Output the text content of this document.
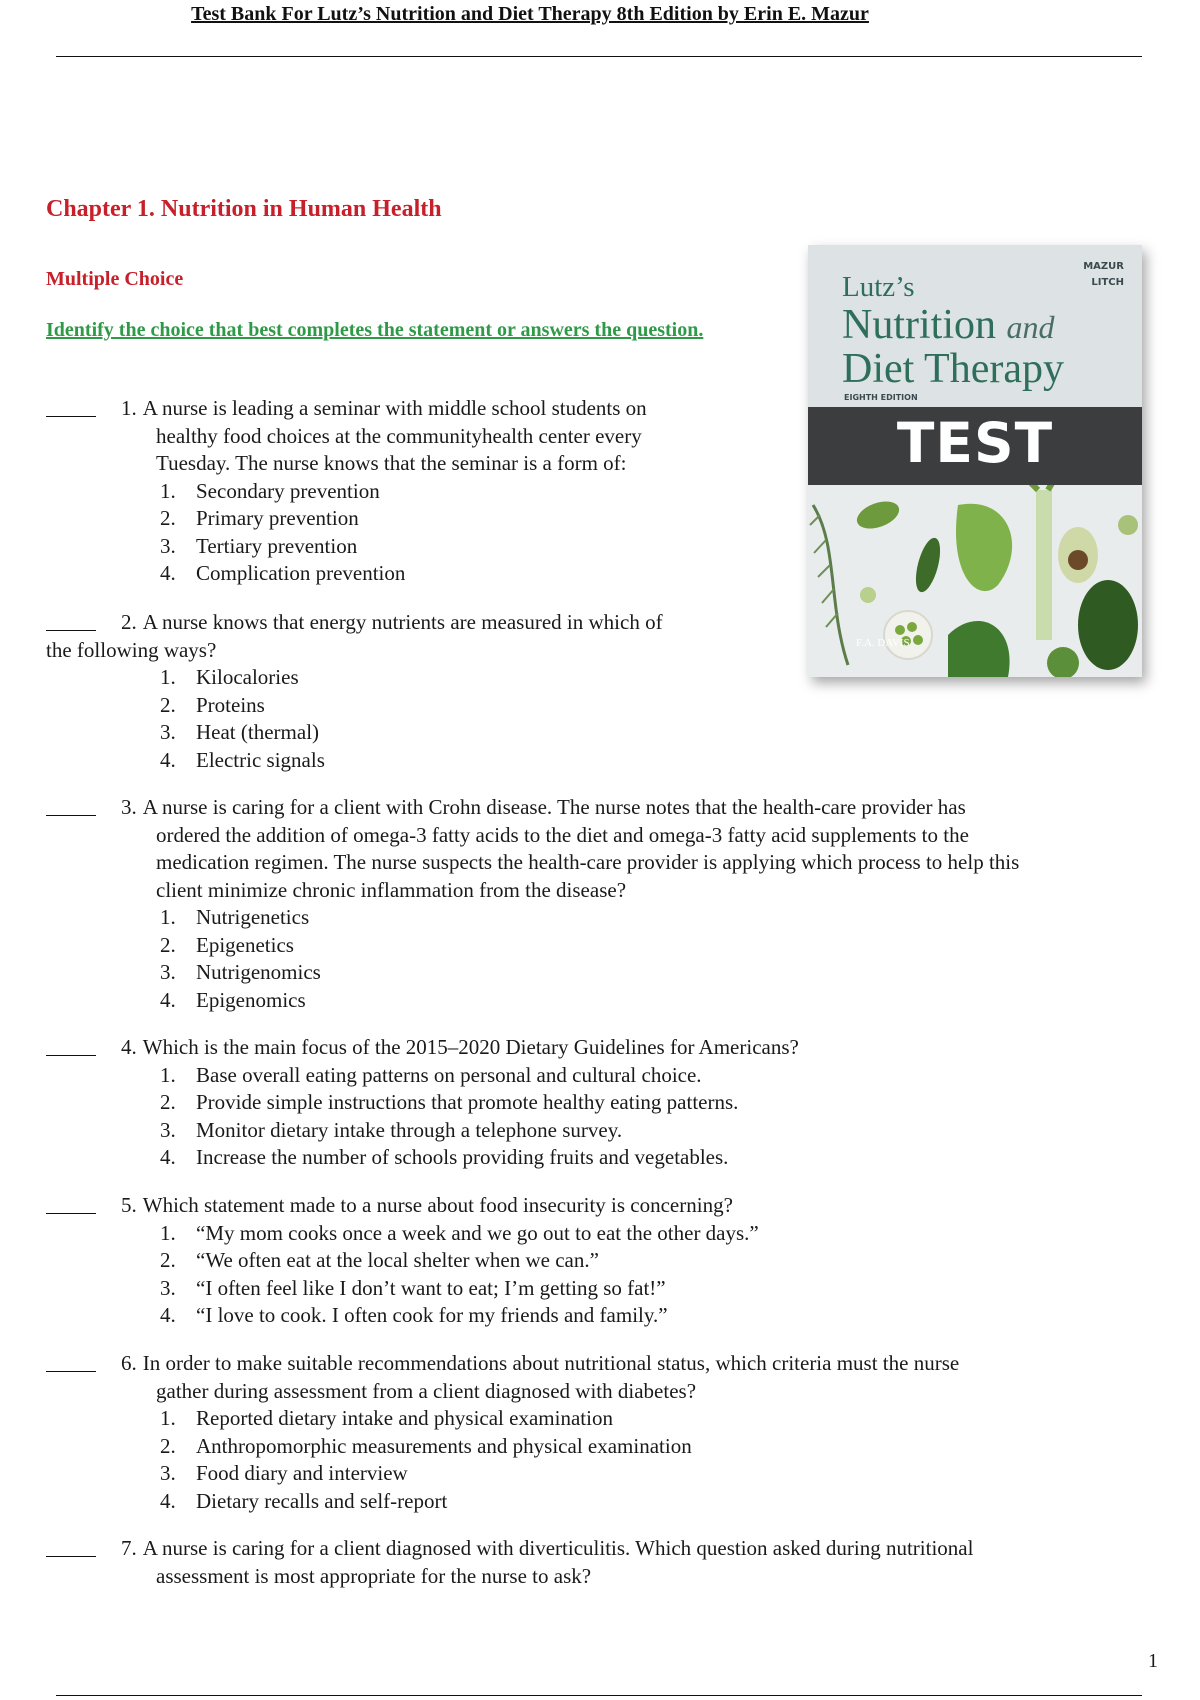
Test Bank For Lutz’s Nutrition and Diet Therapy 8th Edition by Erin E. Mazur
Chapter 1. Nutrition in Human Health
Multiple Choice
Identify the choice that best completes the statement or answers the question.
MAZUR
LITCH
Lutz’s
Nutrition and
Diet Therapy
EIGHTH EDITION
TEST
F.A. DAVIS
1. A nurse is leading a seminar with middle school students on
healthy food choices at the communityhealth center every
Tuesday. The nurse knows that the seminar is a form of:
1. Secondary prevention
2. Primary prevention
3. Tertiary prevention
4. Complication prevention
2. A nurse knows that energy nutrients are measured in which of
the following ways?
1. Kilocalories
2. Proteins
3. Heat (thermal)
4. Electric signals
3. A nurse is caring for a client with Crohn disease. The nurse notes that the health-care provider has
ordered the addition of omega-3 fatty acids to the diet and omega-3 fatty acid supplements to the
medication regimen. The nurse suspects the health-care provider is applying which process to help this
client minimize chronic inflammation from the disease?
1. Nutrigenetics
2. Epigenetics
3. Nutrigenomics
4. Epigenomics
4. Which is the main focus of the 2015–2020 Dietary Guidelines for Americans?
1. Base overall eating patterns on personal and cultural choice.
2. Provide simple instructions that promote healthy eating patterns.
3. Monitor dietary intake through a telephone survey.
4. Increase the number of schools providing fruits and vegetables.
5. Which statement made to a nurse about food insecurity is concerning?
1. “My mom cooks once a week and we go out to eat the other days.”
2. “We often eat at the local shelter when we can.”
3. “I often feel like I don’t want to eat; I’m getting so fat!”
4. “I love to cook. I often cook for my friends and family.”
6. In order to make suitable recommendations about nutritional status, which criteria must the nurse
gather during assessment from a client diagnosed with diabetes?
1. Reported dietary intake and physical examination
2. Anthropomorphic measurements and physical examination
3. Food diary and interview
4. Dietary recalls and self-report
7. A nurse is caring for a client diagnosed with diverticulitis. Which question asked during nutritional
assessment is most appropriate for the nurse to ask?
1
